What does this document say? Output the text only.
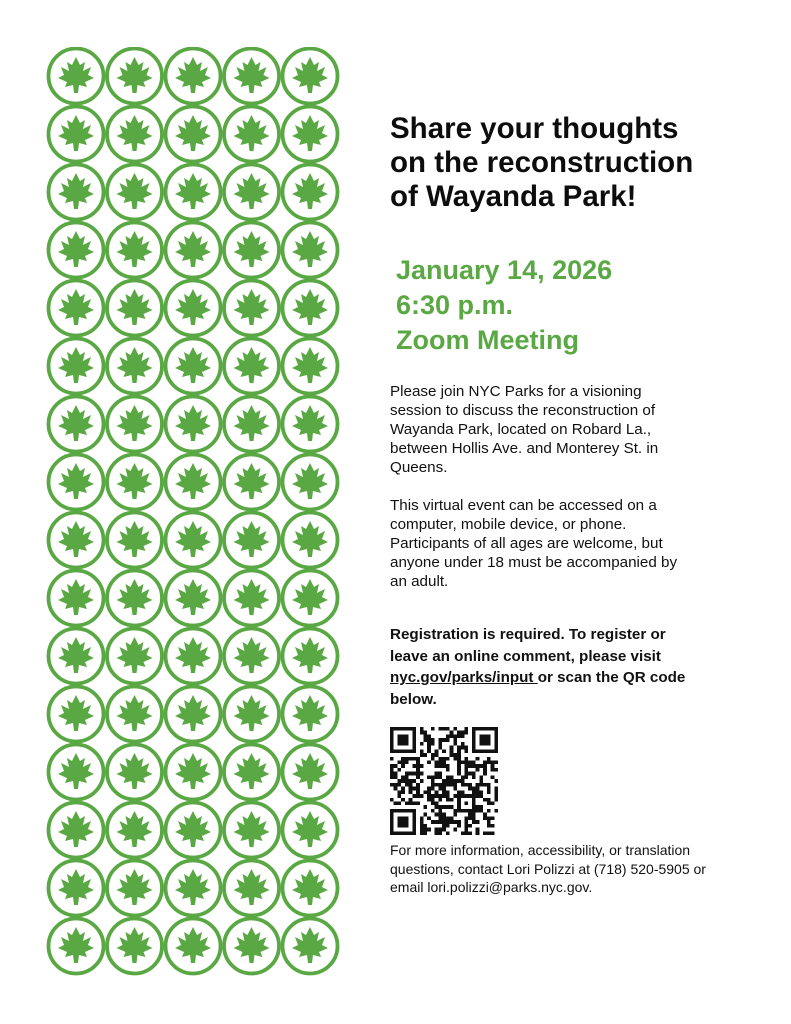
Share your thoughts
on the reconstruction
of Wayanda Park!
January 14, 2026
6:30 p.m.
Zoom Meeting

Please join NYC Parks for a visioning
session to discuss the reconstruction of
Wayanda Park, located on Robard La.,
between Hollis Ave. and Monterey St. in
Queens.

This virtual event can be accessed on a
computer, mobile device, or phone.
Participants of all ages are welcome, but
anyone under 18 must be accompanied by
an adult.

Registration is required. To register or
leave an online comment, please visit
nyc.gov/parks/input or scan the QR code
below.
For more information, accessibility, or translation
questions, contact Lori Polizzi at (718) 520-5905 or
email lori.polizzi@parks.nyc.gov.
